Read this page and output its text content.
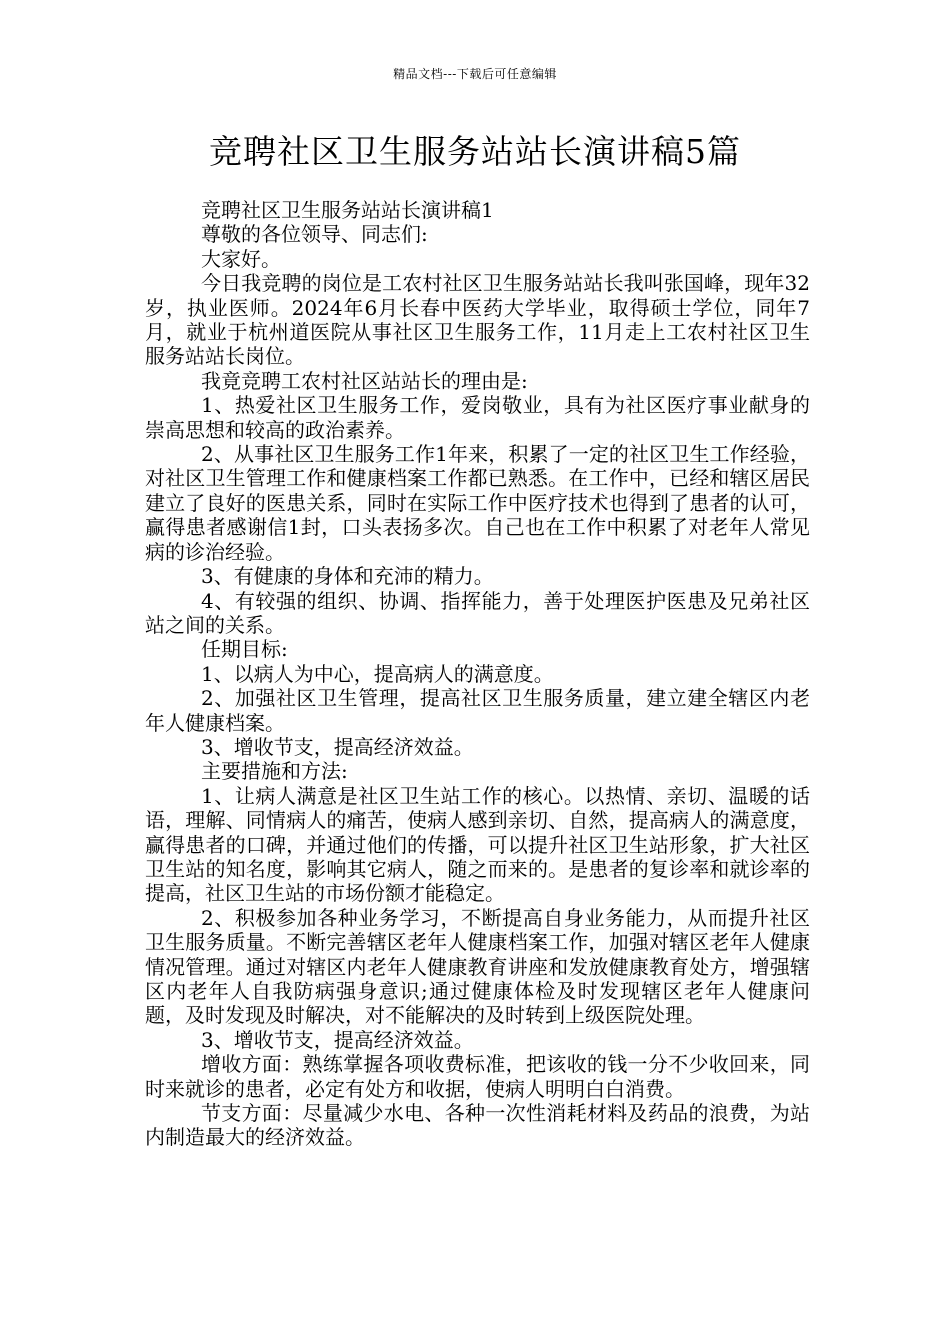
精品文档---下载后可任意编辑
竞聘社区卫生服务站站长演讲稿5篇

竞聘社区卫生服务站站长演讲稿1

尊敬的各位领导、同志们:

大家好。

今日我竞聘的岗位是工农村社区卫生服务站站长我叫张国峰，现年32岁，执业医师。2024年6月长春中医药大学毕业，取得硕士学位，同年7月，就业于杭州道医院从事社区卫生服务工作，11月走上工农村社区卫生服务站站长岗位。

我竟竞聘工农村社区站站长的理由是:

1、热爱社区卫生服务工作，爱岗敬业，具有为社区医疗事业献身的崇高思想和较高的政治素养。

2、从事社区卫生服务工作1年来，积累了一定的社区卫生工作经验，对社区卫生管理工作和健康档案工作都已熟悉。在工作中，已经和辖区居民建立了良好的医患关系，同时在实际工作中医疗技术也得到了患者的认可，赢得患者感谢信1封，口头表扬多次。自己也在工作中积累了对老年人常见病的诊治经验。

3、有健康的身体和充沛的精力。

4、有较强的组织、协调、指挥能力，善于处理医护医患及兄弟社区站之间的关系。

任期目标:

1、以病人为中心，提高病人的满意度。

2、加强社区卫生管理，提高社区卫生服务质量，建立建全辖区内老年人健康档案。

3、增收节支，提高经济效益。

主要措施和方法:

1、让病人满意是社区卫生站工作的核心。以热情、亲切、温暖的话语，理解、同情病人的痛苦，使病人感到亲切、自然，提高病人的满意度，赢得患者的口碑，并通过他们的传播，可以提升社区卫生站形象，扩大社区卫生站的知名度，影响其它病人，随之而来的。是患者的复诊率和就诊率的提高，社区卫生站的市场份额才能稳定。

2、积极参加各种业务学习，不断提高自身业务能力，从而提升社区卫生服务质量。不断完善辖区老年人健康档案工作，加强对辖区老年人健康情况管理。通过对辖区内老年人健康教育讲座和发放健康教育处方，增强辖区内老年人自我防病强身意识;通过健康体检及时发现辖区老年人健康问题，及时发现及时解决，对不能解决的及时转到上级医院处理。

3、增收节支，提高经济效益。

增收方面：熟练掌握各项收费标准，把该收的钱一分不少收回来，同时来就诊的患者，必定有处方和收据，使病人明明白白消费。

节支方面：尽量减少水电、各种一次性消耗材料及药品的浪费，为站内制造最大的经济效益。
